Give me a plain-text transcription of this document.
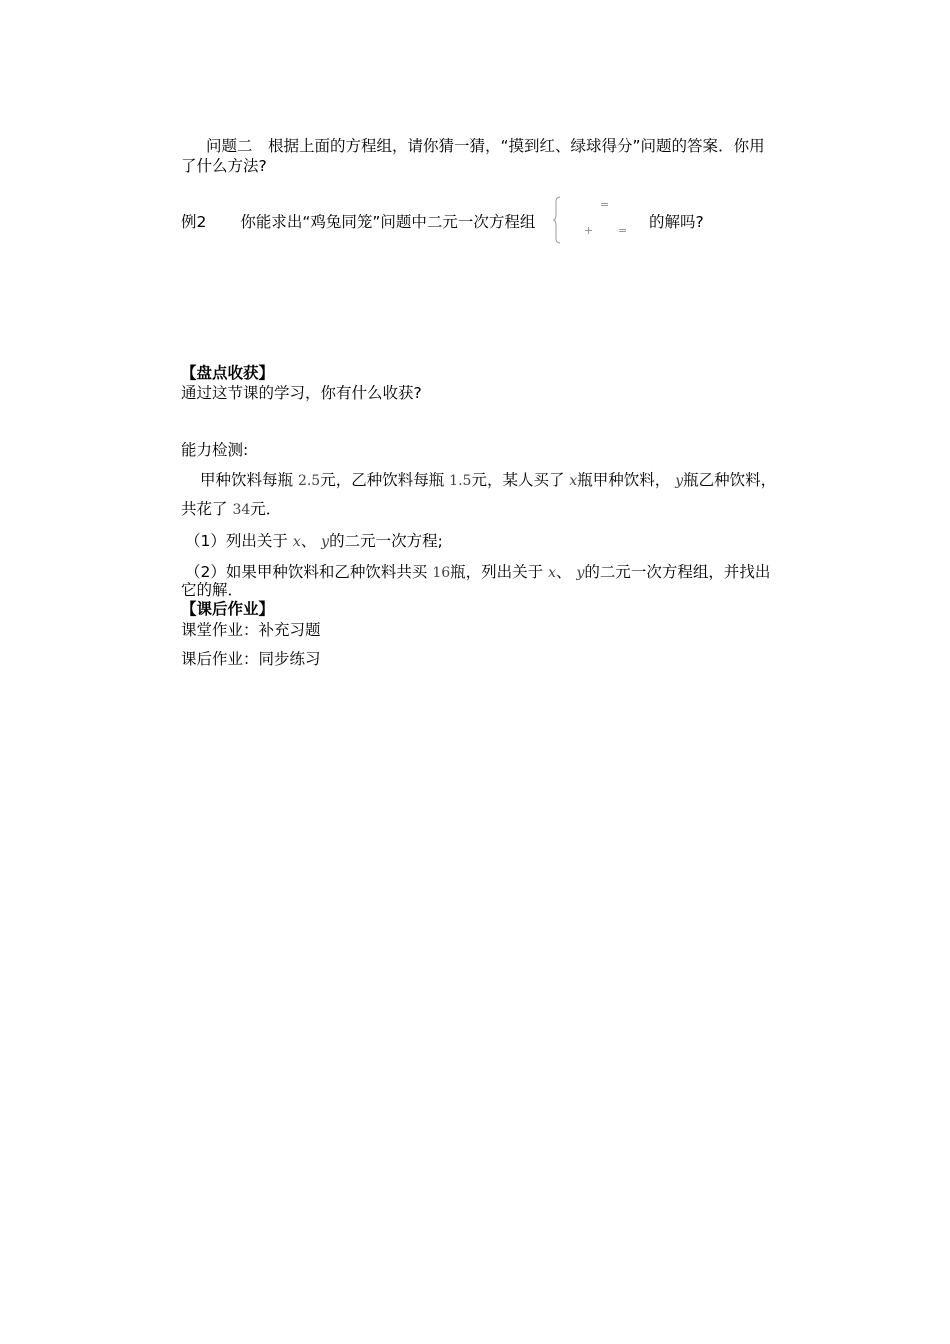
问题二　根据上面的方程组，请你猜一猜，“摸到红、绿球得分”问题的答案．你用
了什么方法?
例2 你能求出“鸡兔同笼”问题中二元一次方程组
=
+ = 的解吗?
【盘点收获】
通过这节课的学习，你有什么收获?
能力检测:
甲种饮料每瓶 2.5元，乙种饮料每瓶 1.5元，某人买了 x瓶甲种饮料， y瓶乙种饮料，
共花了 34元．
（1）列出关于 x、 y的二元一次方程;
（2）如果甲种饮料和乙种饮料共买 16瓶，列出关于 x、 y的二元一次方程组，并找出
它的解．
【课后作业】
课堂作业：补充习题
课后作业：同步练习
